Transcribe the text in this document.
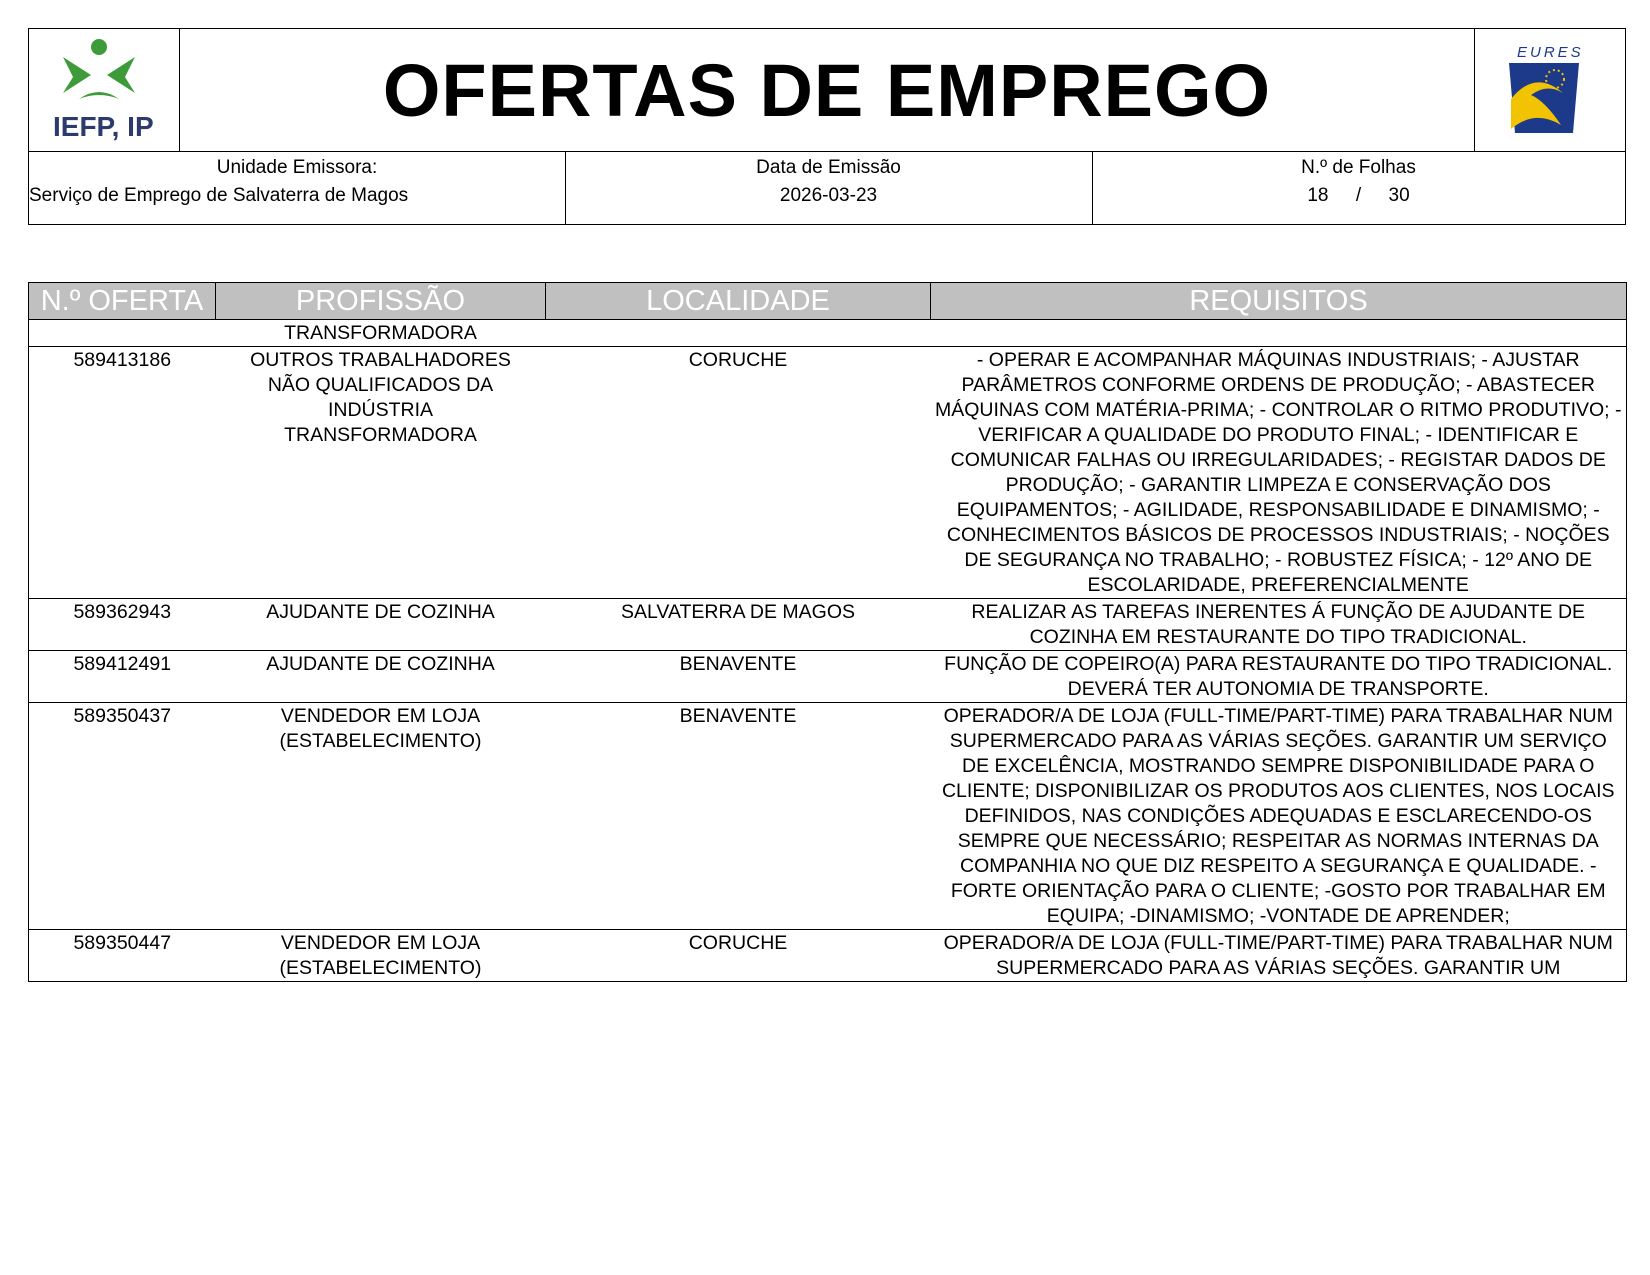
IEFP, IP	OFERTAS DE EMPREGO	EURES
Unidade Emissora:
Serviço de Emprego de Salvaterra de Magos
Data de Emissão
2026-03-23
N.º de Folhas
18	/	30
N.º OFERTA	PROFISSÃO	LOCALIDADE	REQUISITOS
	TRANSFORMADORA		
589413186	OUTROS TRABALHADORES NÃO QUALIFICADOS DA INDÚSTRIA TRANSFORMADORA	CORUCHE	- OPERAR E ACOMPANHAR MÁQUINAS INDUSTRIAIS; - AJUSTAR PARÂMETROS CONFORME ORDENS DE PRODUÇÃO; - ABASTECER MÁQUINAS COM MATÉRIA-PRIMA; - CONTROLAR O RITMO PRODUTIVO; - VERIFICAR A QUALIDADE DO PRODUTO FINAL; - IDENTIFICAR E COMUNICAR FALHAS OU IRREGULARIDADES; - REGISTAR DADOS DE PRODUÇÃO; - GARANTIR LIMPEZA E CONSERVAÇÃO DOS EQUIPAMENTOS; - AGILIDADE, RESPONSABILIDADE E DINAMISMO; - CONHECIMENTOS BÁSICOS DE PROCESSOS INDUSTRIAIS; - NOÇÕES DE SEGURANÇA NO TRABALHO; - ROBUSTEZ FÍSICA; - 12º ANO DE ESCOLARIDADE, PREFERENCIALMENTE
589362943	AJUDANTE DE COZINHA	SALVATERRA DE MAGOS	REALIZAR AS TAREFAS INERENTES Á FUNÇÃO DE AJUDANTE DE COZINHA EM RESTAURANTE DO TIPO TRADICIONAL.
589412491	AJUDANTE DE COZINHA	BENAVENTE	FUNÇÃO DE COPEIRO(A) PARA RESTAURANTE DO TIPO TRADICIONAL. DEVERÁ TER AUTONOMIA DE TRANSPORTE.
589350437	VENDEDOR EM LOJA (ESTABELECIMENTO)	BENAVENTE	OPERADOR/A DE LOJA (FULL-TIME/PART-TIME) PARA TRABALHAR NUM SUPERMERCADO PARA AS VÁRIAS SEÇÕES. GARANTIR UM SERVIÇO DE EXCELÊNCIA, MOSTRANDO SEMPRE DISPONIBILIDADE PARA O CLIENTE; DISPONIBILIZAR OS PRODUTOS AOS CLIENTES, NOS LOCAIS DEFINIDOS, NAS CONDIÇÕES ADEQUADAS E ESCLARECENDO-OS SEMPRE QUE NECESSÁRIO; RESPEITAR AS NORMAS INTERNAS DA COMPANHIA NO QUE DIZ RESPEITO A SEGURANÇA E QUALIDADE. -FORTE ORIENTAÇÃO PARA O CLIENTE; -GOSTO POR TRABALHAR EM EQUIPA; -DINAMISMO; -VONTADE DE APRENDER;
589350447	VENDEDOR EM LOJA (ESTABELECIMENTO)	CORUCHE	OPERADOR/A DE LOJA (FULL-TIME/PART-TIME) PARA TRABALHAR NUM SUPERMERCADO PARA AS VÁRIAS SEÇÕES. GARANTIR UM
